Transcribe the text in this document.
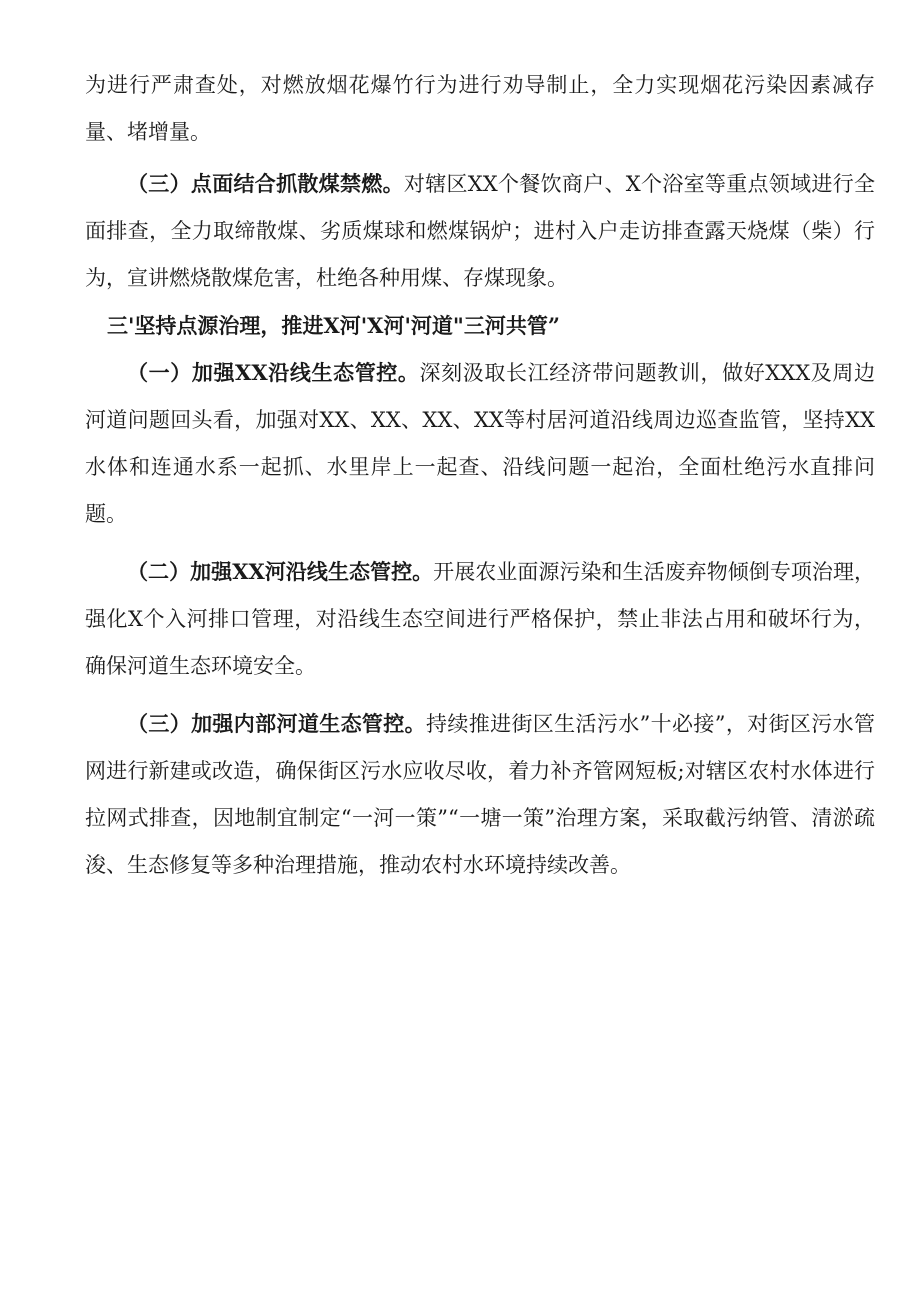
为进行严肃查处，对燃放烟花爆竹行为进行劝导制止，全力实现烟花污染因素减存量、堵增量。

（三）点面结合抓散煤禁燃。对辖区XX个餐饮商户、X个浴室等重点领域进行全面排查，全力取缔散煤、劣质煤球和燃煤锅炉；进村入户走访排查露天烧煤（柴）行为，宣讲燃烧散煤危害，杜绝各种用煤、存煤现象。

三'坚持点源治理，推进X河'X河'河道"三河共管”

（一）加强XX沿线生态管控。深刻汲取长江经济带问题教训，做好XXX及周边河道问题回头看，加强对XX、XX、XX、XX等村居河道沿线周边巡查监管，坚持XX水体和连通水系一起抓、水里岸上一起查、沿线问题一起治，全面杜绝污水直排问题。

（二）加强XX河沿线生态管控。开展农业面源污染和生活废弃物倾倒专项治理，强化X个入河排口管理，对沿线生态空间进行严格保护，禁止非法占用和破坏行为，确保河道生态环境安全。

（三）加强内部河道生态管控。持续推进街区生活污水”十必接”，对街区污水管网进行新建或改造，确保街区污水应收尽收，着力补齐管网短板;对辖区农村水体进行拉网式排查，因地制宜制定“一河一策”“一塘一策”治理方案，采取截污纳管、清淤疏浚、生态修复等多种治理措施，推动农村水环境持续改善。
